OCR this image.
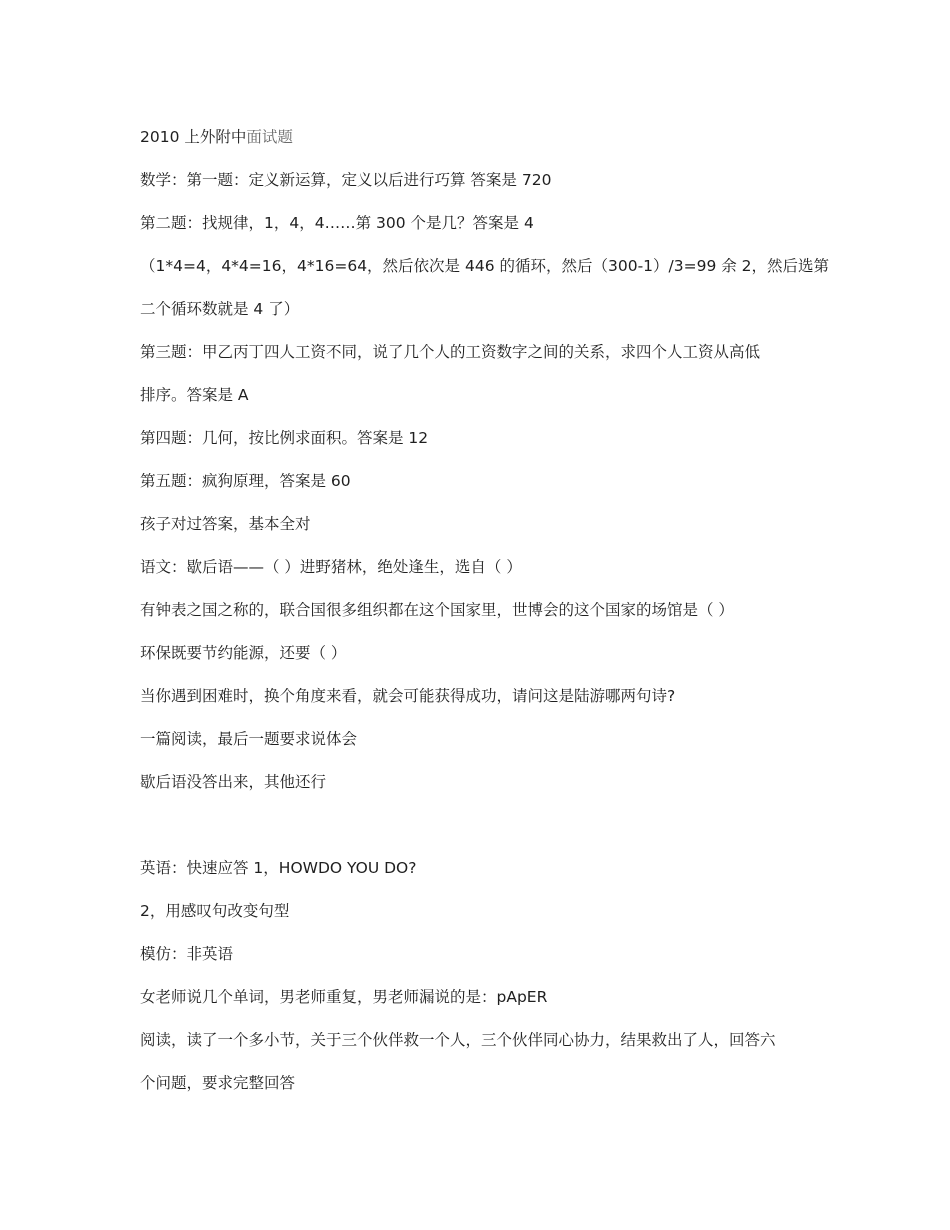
2010 上外附中面试题
数学：第一题：定义新运算，定义以后进行巧算 答案是 720
第二题：找规律，1，4，4……第 300 个是几？答案是 4
（1*4=4，4*4=16，4*16=64，然后依次是 446 的循环，然后（300-1）/3=99 余 2，然后选第
二个循环数就是 4 了）
第三题：甲乙丙丁四人工资不同，说了几个人的工资数字之间的关系，求四个人工资从高低
排序。答案是 A
第四题：几何，按比例求面积。答案是 12
第五题：疯狗原理，答案是 60
孩子对过答案，基本全对
语文：歇后语——（ ）进野猪林，绝处逢生，选自（ ）
有钟表之国之称的，联合国很多组织都在这个国家里，世博会的这个国家的场馆是（ ）
环保既要节约能源，还要（ ）
当你遇到困难时，换个角度来看，就会可能获得成功，请问这是陆游哪两句诗?
一篇阅读，最后一题要求说体会
歇后语没答出来，其他还行
英语：快速应答 1，HOWDO YOU DO?
2，用感叹句改变句型
模仿：非英语
女老师说几个单词，男老师重复，男老师漏说的是：pApER
阅读，读了一个多小节，关于三个伙伴救一个人，三个伙伴同心协力，结果救出了人，回答六
个问题，要求完整回答
